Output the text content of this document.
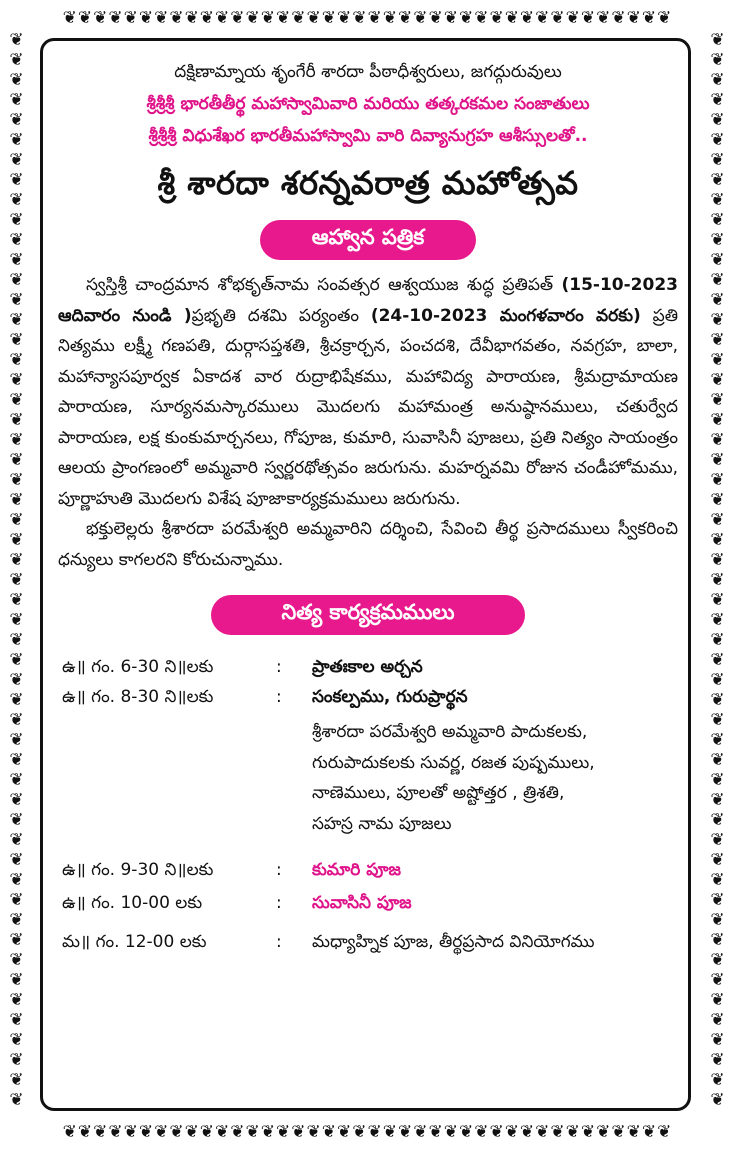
❦❦❦❦❦❦❦❦❦❦❦❦❦❦❦❦❦❦❦❦❦❦❦❦❦❦❦❦❦❦❦❦❦❦❦❦❦❦❦❦
❦❦❦❦❦❦❦❦❦❦❦❦❦❦❦❦❦❦❦❦❦❦❦❦❦❦❦❦❦❦❦❦❦❦❦❦❦❦❦❦
❦❦❦❦❦❦❦❦❦❦❦❦❦❦❦❦❦❦❦❦❦❦❦❦❦❦❦❦❦❦❦❦❦❦❦❦❦❦❦❦❦❦❦❦❦❦❦❦❦❦❦❦❦❦
❦❦❦❦❦❦❦❦❦❦❦❦❦❦❦❦❦❦❦❦❦❦❦❦❦❦❦❦❦❦❦❦❦❦❦❦❦❦❦❦❦❦❦❦❦❦❦❦❦❦❦❦❦❦
దక్షిణామ్నాయ శృంగేరీ శారదా పీఠాధీశ్వరులు, జగద్గురువులు
శ్రీశ్రీశ్రీ భారతీతీర్థ మహాస్వామివారి మరియు తత్కరకమల సంజాతులు
శ్రీశ్రీశ్రీ విధుశేఖర భారతీమహాస్వామి వారి దివ్యానుగ్రహ ఆశీస్సులతో..
శ్రీ శారదా శరన్నవరాత్ర మహోత్సవ
ఆహ్వాన పత్రిక

స్వస్తిశ్రీ చాంద్రమాన శోభకృత్‌నామ సంవత్సర ఆశ్వయుజ శుద్ధ ప్రతిపత్ (15-10-2023 ఆదివారం నుండి )ప్రభృతి దశమి పర్యంతం (24-10-2023 మంగళవారం వరకు) ప్రతి నిత్యము లక్ష్మీ గణపతి, దుర్గాసప్తశతి, శ్రీచక్రార్చన, పంచదశి, దేవీభాగవతం, నవగ్రహ, బాలా, మహాన్యాసపూర్వక ఏకాదశ వార రుద్రాభిషేకము, మహావిద్య పారాయణ, శ్రీమద్రామాయణ పారాయణ, సూర్యనమస్కారములు మొదలగు మహామంత్ర అనుష్ఠానములు, చతుర్వేద పారాయణ, లక్ష కుంకుమార్చనలు, గోపూజ, కుమారి, సువాసినీ పూజలు, ప్రతి నిత్యం సాయంత్రం ఆలయ ప్రాంగణంలో అమ్మవారి స్వర్ణరథోత్సవం జరుగును. మహర్నవమి రోజున చండీహోమము, పూర్ణాహుతి మొదలగు విశేష పూజాకార్యక్రమములు జరుగును.

భక్తులెల్లరు శ్రీశారదా పరమేశ్వరి అమ్మవారిని దర్శించి, సేవించి తీర్థ ప్రసాదములు స్వీకరించి ధన్యులు కాగలరని కోరుచున్నాము.

నిత్య కార్యక్రమములు
ఉ॥ గం. 6-30 ని॥లకు	: ప్రాతఃకాల అర్చన
ఉ॥ గం. 8-30 ని॥లకు	: సంకల్పము, గురుప్రార్థన
శ్రీశారదా పరమేశ్వరి అమ్మవారి పాదుకలకు,
గురుపాదుకలకు సువర్ణ, రజత పుష్పములు,
నాణెములు, పూలతో అష్టోత్తర , త్రిశతి,
సహస్ర నామ పూజలు
ఉ॥ గం. 9-30 ని॥లకు	: కుమారి పూజ
ఉ॥ గం. 10-00 లకు	: సువాసినీ పూజ
మ॥ గం. 12-00 లకు	: మధ్యాహ్నిక పూజ, తీర్థప్రసాద వినియోగము
